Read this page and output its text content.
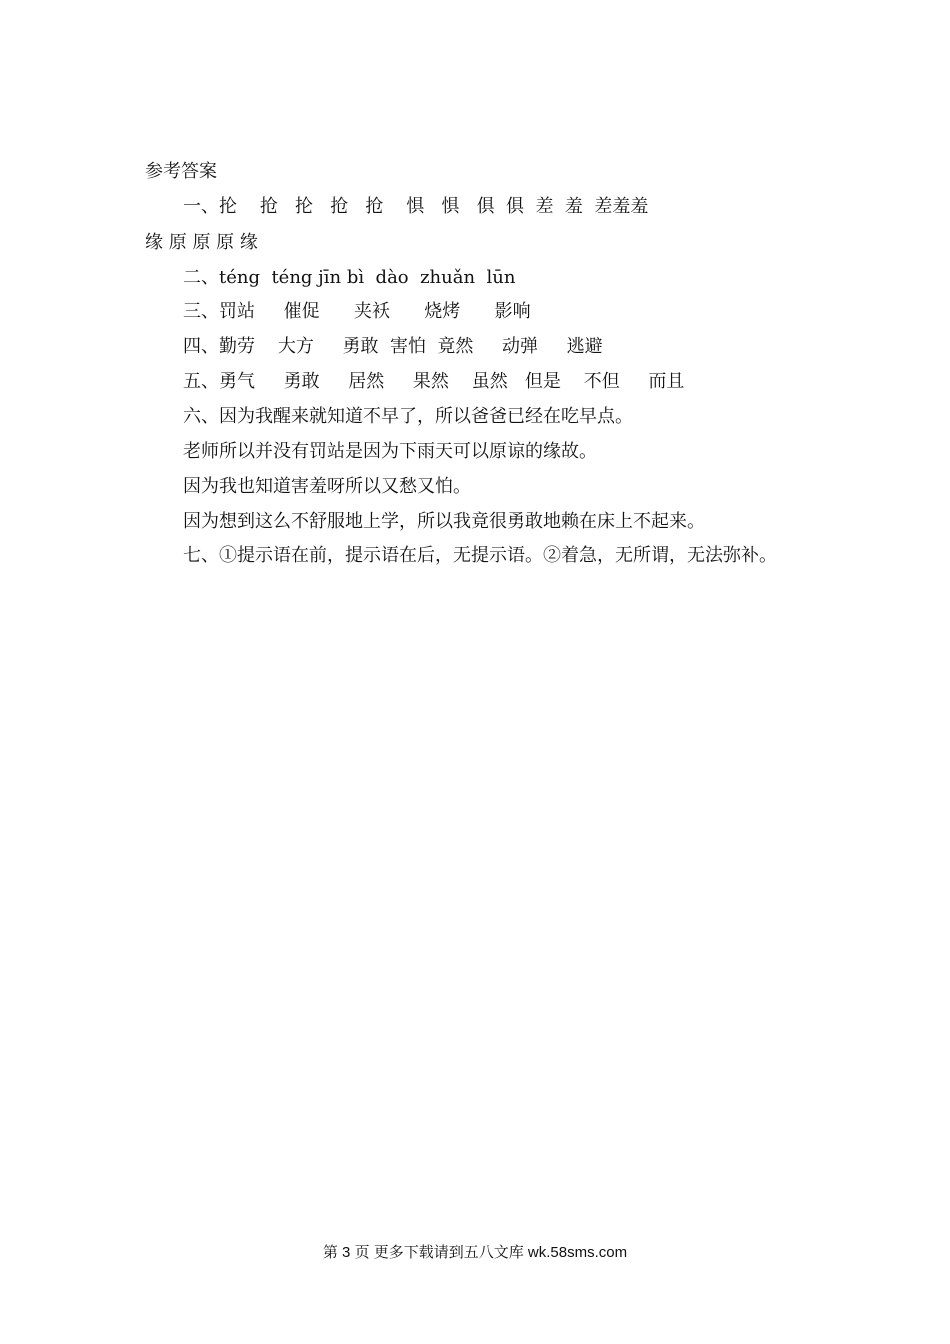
参考答案
一、抡    抢   抡   抢   抢    惧   惧   俱  俱  差  羞  差羞羞
缘 原 原 原 缘
二、téng  téng jīn bì  dào  zhuǎn  lūn
三、罚站     催促      夹袄      烧烤      影响
四、勤劳    大方     勇敢  害怕  竟然     动弹     逃避
五、勇气     勇敢     居然     果然    虽然   但是    不但     而且
六、因为我醒来就知道不早了，所以爸爸已经在吃早点。
老师所以并没有罚站是因为下雨天可以原谅的缘故。
因为我也知道害羞呀所以又愁又怕。
因为想到这么不舒服地上学，所以我竟很勇敢地赖在床上不起来。
七、①提示语在前，提示语在后，无提示语。②着急，无所谓，无法弥补。
第 3 页 更多下载请到五八文库 wk.58sms.com
